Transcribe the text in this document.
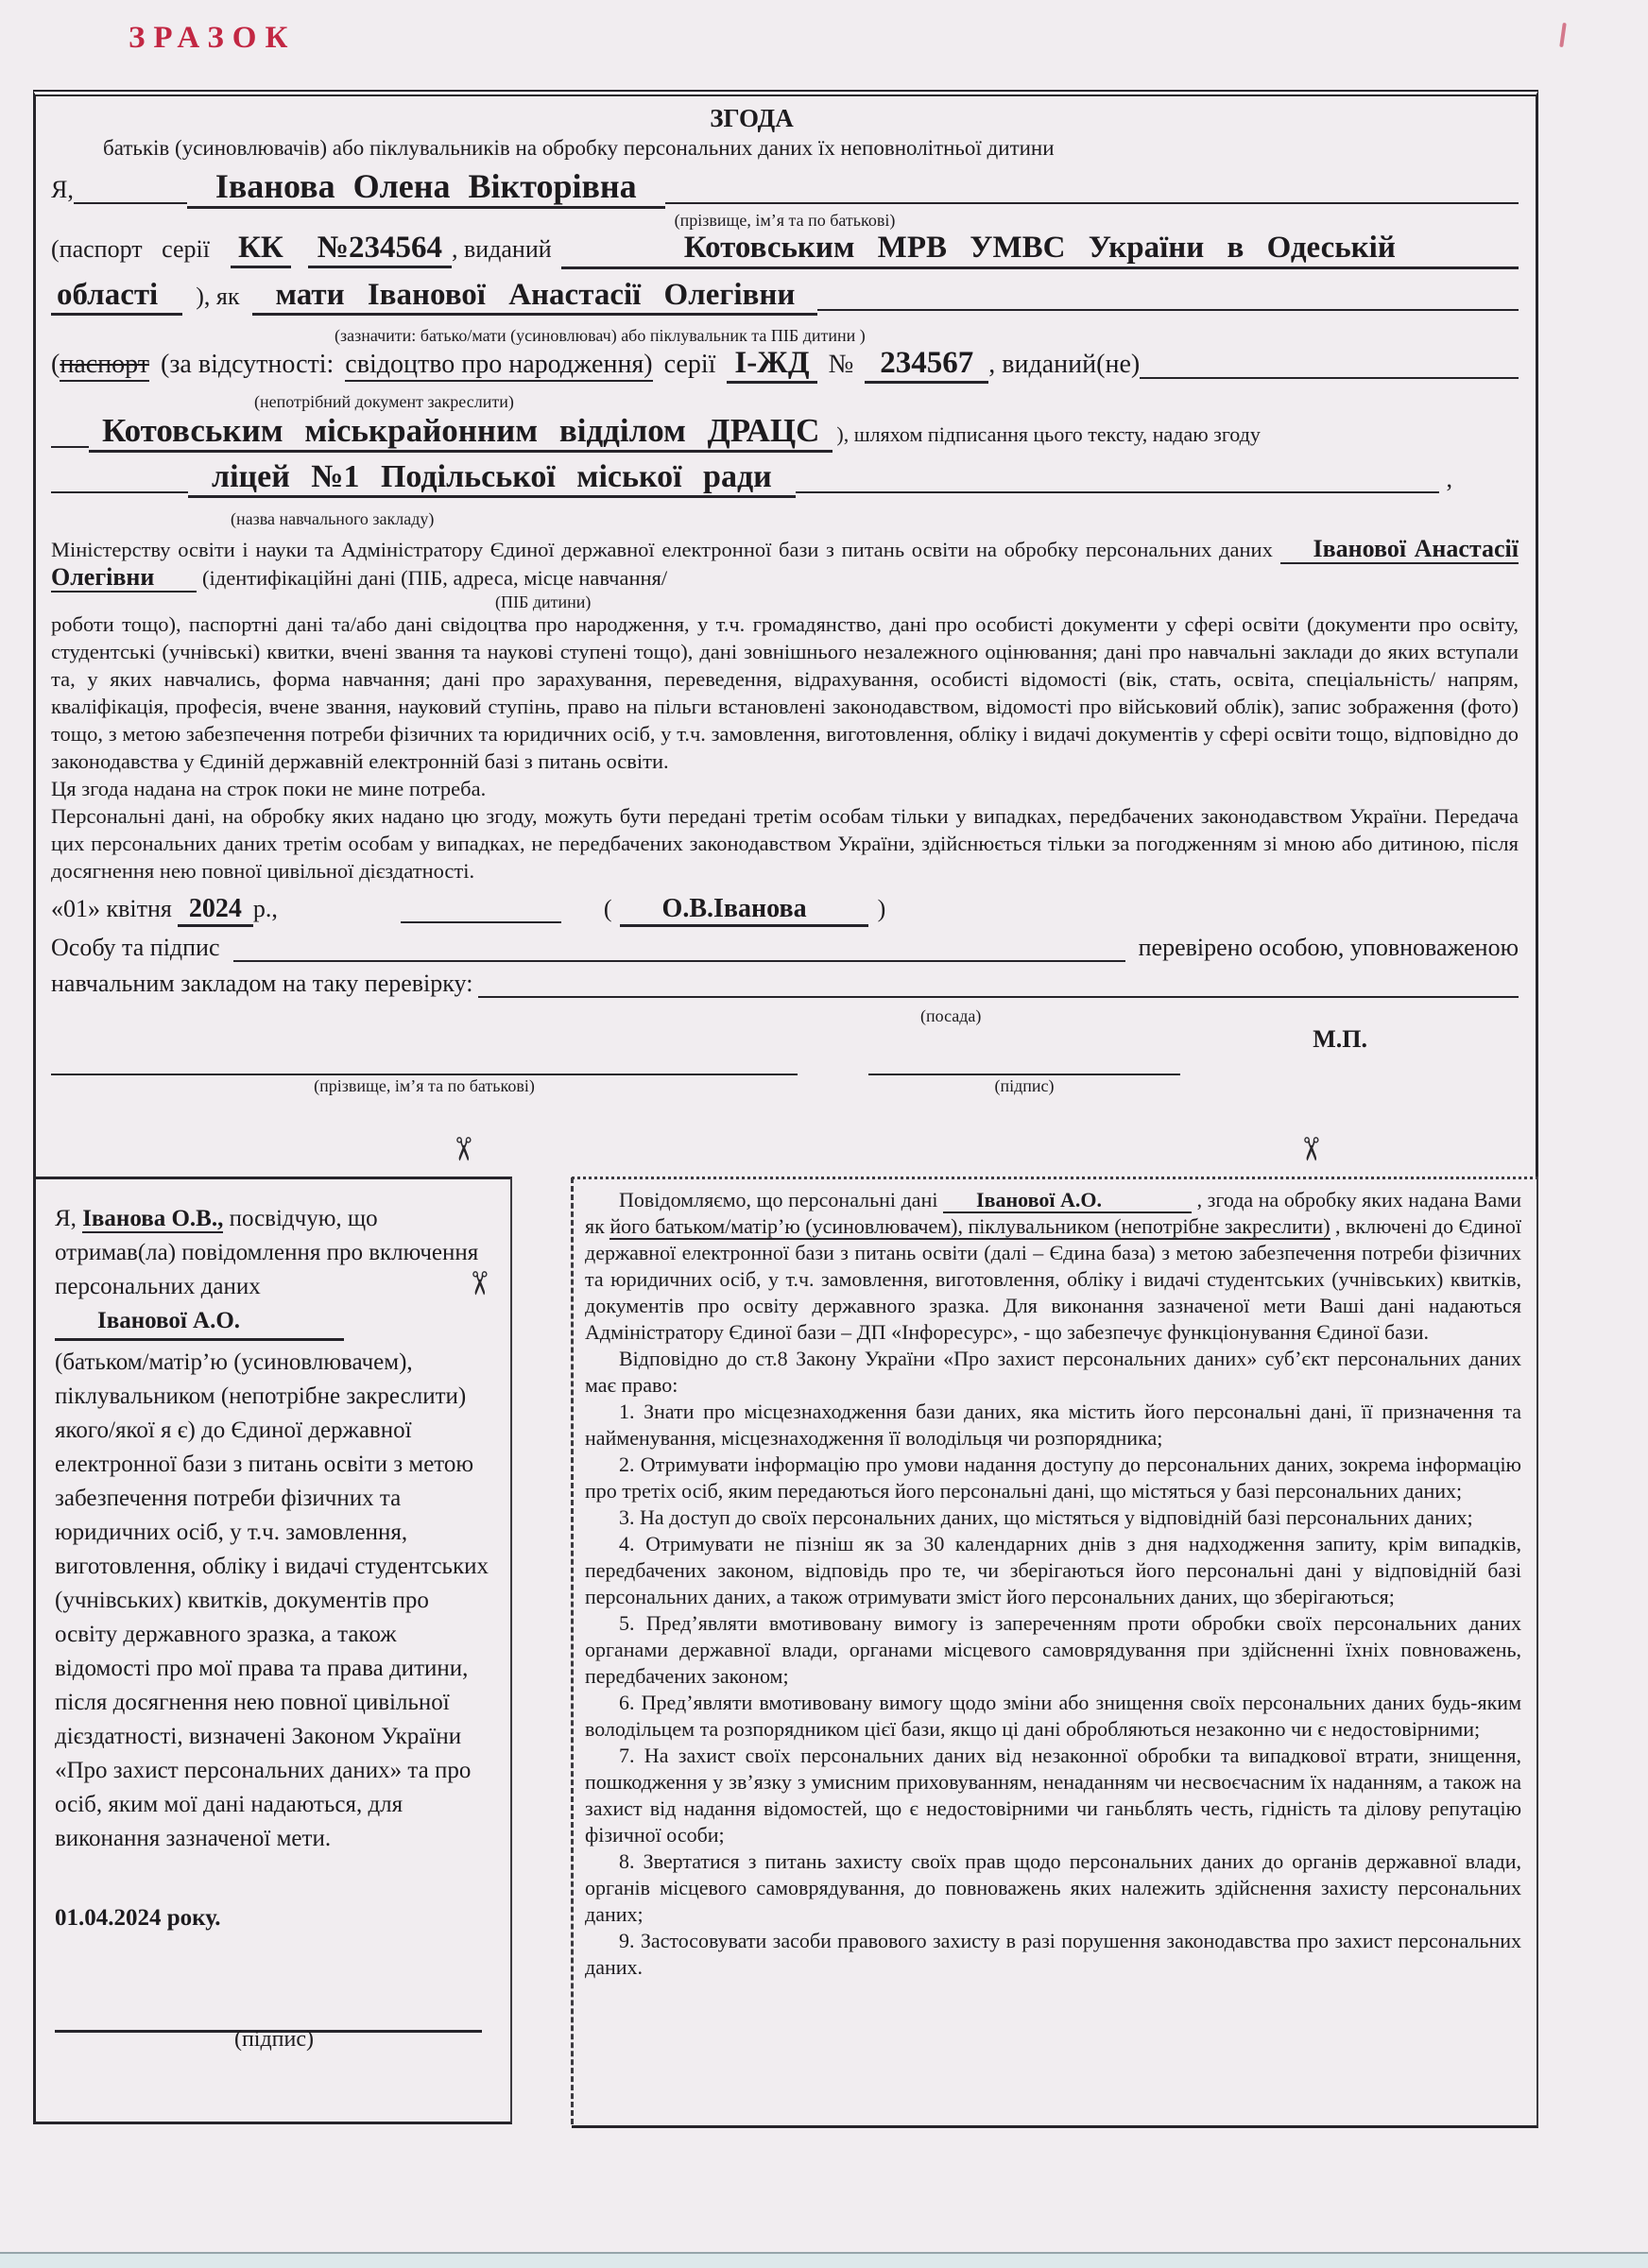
ЗРАЗОК
ЗГОДА
батьків (усиновлювачів) або піклувальників на обробку персональних даних їх неповнолітньої дитини
Я,	Іванова Олена Вікторівна
(прізвище, ім’я та по батькові)
(паспорт серії КК	№234564 , виданий	Котовським МРВ УМВС України в Одеській
області	), як	мати Іванової Анастасії Олегівни
(зазначити: батько/мати (усиновлювач) або піклувальник та ПІБ дитини )
( паспорт (за відсутності: свідоцтво про народження) серії І-ЖД № 234567 , виданий(не)
(непотрібний документ закреслити)
Котовським міськрайонним відділом ДРАЦС ), шляхом підписання цього тексту, надаю згоду
ліцей №1 Подільської міської ради	,
(назва навчального закладу)

Міністерству освіти і науки та Адміністратору Єдиної державної електронної бази з питань освіти на обробку персональних даних Іванової Анастасії Олегівни (ідентифікаційні дані (ПІБ, адреса, місце навчання/

(ПІБ дитини)

роботи тощо), паспортні дані та/або дані свідоцтва про народження, у т.ч. громадянство, дані про особисті документи у сфері освіти (документи про освіту, студентські (учнівські) квитки, вчені звання та наукові ступені тощо), дані зовнішнього незалежного оцінювання; дані про навчальні заклади до яких вступали та, у яких навчались, форма навчання; дані про зарахування, переведення, відрахування, особисті відомості (вік, стать, освіта, спеціальність/ напрям, кваліфікація, професія, вчене звання, науковий ступінь, право на пільги встановлені законодавством, відомості про військовий облік), запис зображення (фото) тощо, з метою забезпечення потреби фізичних та юридичних осіб, у т.ч. замовлення, виготовлення, обліку і видачі документів у сфері освіти тощо, відповідно до законодавства у Єдиній державній електронній базі з питань освіти.

Ця згода надана на строк поки не мине потреба.

Персональні дані, на обробку яких надано цю згоду, можуть бути передані третім особам тільки у випадках, передбачених законодавством України. Передача цих персональних даних третім особам у випадках, не передбачених законодавством України, здійснюється тільки за погодженням зі мною або дитиною, після досягнення нею повної цивільної дієздатності.

«01» квітня 2024 р.,	(	О.В.Іванова	)
Особу та підпис	перевірено особою, уповноваженою
навчальним закладом на таку перевірку:
(посада)
М.П.
(прізвище, ім’я та по батькові)	(підпис)
✂	✂
✂

Я, Іванова О.В., посвідчую, що отримав(ла) повідомлення про включення персональних даних

Іванової А.О.

(батьком/матір’ю (усиновлювачем), піклувальником (непотрібне закреслити) якого/якої я є) до Єдиної державної електронної бази з питань освіти з метою забезпечення потреби фізичних та юридичних осіб, у т.ч. замовлення, виготовлення, обліку і видачі студентських (учнівських) квитків, документів про освіту державного зразка, а також відомості про мої права та права дитини, після досягнення нею повної цивільної дієздатності, визначені Законом України «Про захист персональних даних» та про осіб, яким мої дані надаються, для виконання зазначеної мети.

01.04.2024 року.
(підпис)

Повідомляємо, що персональні дані Іванової А.О.	, згода на обробку яких надана Вами як його батьком/матір’ю (усиновлювачем), піклувальником (непотрібне закреслити) , включені до Єдиної державної електронної бази з питань освіти (далі – Єдина база) з метою забезпечення потреби фізичних та юридичних осіб, у т.ч. замовлення, виготовлення, обліку і видачі студентських (учнівських) квитків, документів про освіту державного зразка. Для виконання зазначеної мети Ваші дані надаються Адміністратору Єдиної бази – ДП «Інфоресурс», - що забезпечує функціонування Єдиної бази.

Відповідно до ст.8 Закону України «Про захист персональних даних» суб’єкт персональних даних має право:

1. Знати про місцезнаходження бази даних, яка містить його персональні дані, її призначення та найменування, місцезнаходження її володільця чи розпорядника;

2. Отримувати інформацію про умови надання доступу до персональних даних, зокрема інформацію про третіх осіб, яким передаються його персональні дані, що містяться у базі персональних даних;

3. На доступ до своїх персональних даних, що містяться у відповідній базі персональних даних;

4. Отримувати не пізніш як за 30 календарних днів з дня надходження запиту, крім випадків, передбачених законом, відповідь про те, чи зберігаються його персональні дані у відповідній базі персональних даних, а також отримувати зміст його персональних даних, що зберігаються;

5. Пред’являти вмотивовану вимогу із запереченням проти обробки своїх персональних даних органами державної влади, органами місцевого самоврядування при здійсненні їхніх повноважень, передбачених законом;

6. Пред’являти вмотивовану вимогу щодо зміни або знищення своїх персональних даних будь-яким володільцем та розпорядником цієї бази, якщо ці дані обробляються незаконно чи є недостовірними;

7. На захист своїх персональних даних від незаконної обробки та випадкової втрати, знищення, пошкодження у зв’язку з умисним приховуванням, ненаданням чи несвоєчасним їх наданням, а також на захист від надання відомостей, що є недостовірними чи ганьблять честь, гідність та ділову репутацію фізичної особи;

8. Звертатися з питань захисту своїх прав щодо персональних даних до органів державної влади, органів місцевого самоврядування, до повноважень яких належить здійснення захисту персональних даних;

9. Застосовувати засоби правового захисту в разі порушення законодавства про захист персональних даних.
